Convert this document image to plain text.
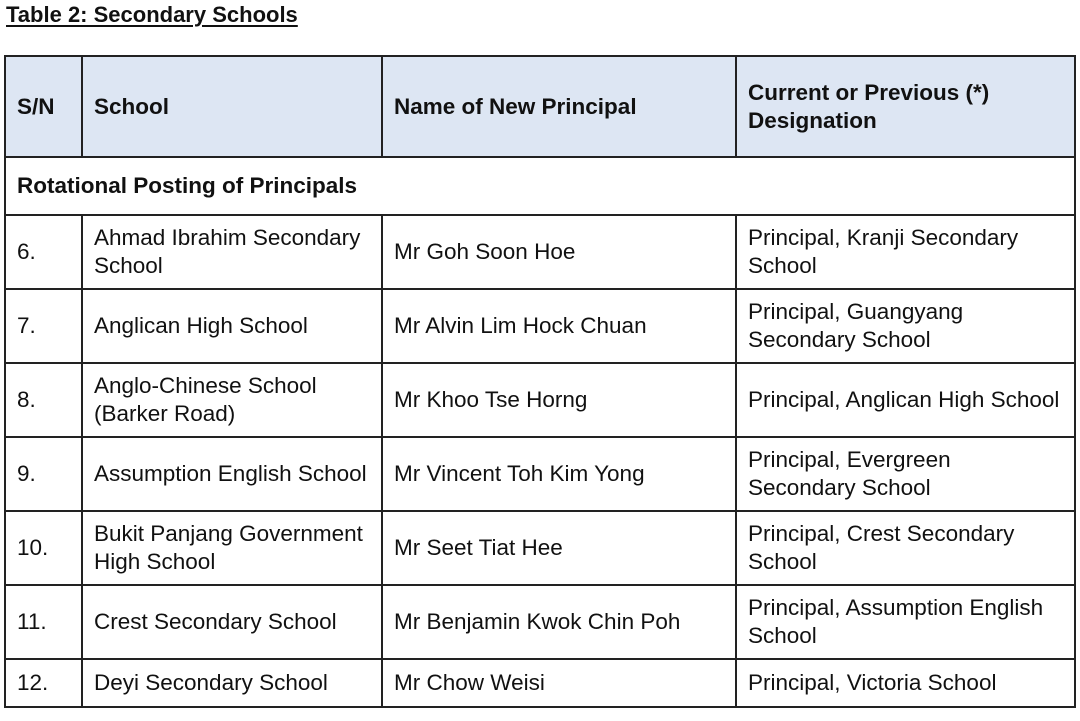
Table 2: Secondary Schools
S/N	School	Name of New Principal	Current or Previous (*) Designation
Rotational Posting of Principals			
6.	Ahmad Ibrahim Secondary School	Mr Goh Soon Hoe	Principal, Kranji Secondary School
7.	Anglican High School	Mr Alvin Lim Hock Chuan	Principal, Guangyang Secondary School
8.	Anglo-Chinese School (Barker Road)	Mr Khoo Tse Horng	Principal, Anglican High School
9.	Assumption English School	Mr Vincent Toh Kim Yong	Principal, Evergreen Secondary School
10.	Bukit Panjang Government High School	Mr Seet Tiat Hee	Principal, Crest Secondary School
11.	Crest Secondary School	Mr Benjamin Kwok Chin Poh	Principal, Assumption English School
12.	Deyi Secondary School	Mr Chow Weisi	Principal, Victoria School
